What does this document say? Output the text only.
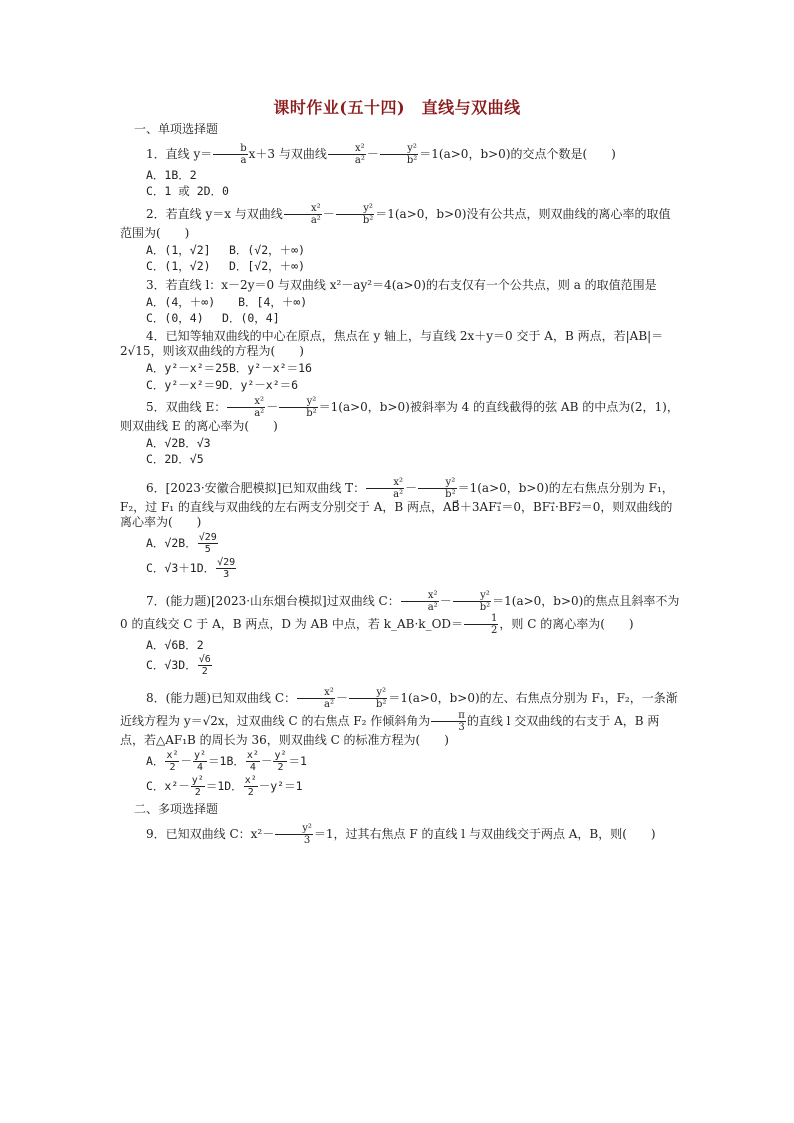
课时作业(五十四)　直线与双曲线
一、单项选择题

1．直线 $y= \frac{b}{a} x+3$ 与双曲线 $\frac{\text{x²}}{\text{a²}} - \frac{\text{y²}}{\text{b²}} =1(a>0$，b>0)的交点个数是(　　)

A．1B．2
C．1 或 2D．0

2．若直线 y＝x 与双曲线 $\frac{\text{x²}}{\text{a²}} - \frac{\text{y²}}{\text{b²}} =1(a>0$，b>0)没有公共点，则双曲线的离心率的取值范围为(　　)

A．(1，√2]　 B．(√2，＋∞)
C．(1，√2)　 D．[√2，＋∞)

3．若直线 l：x－2y＝0 与双曲线 x²－ay²＝4(a>0)的右支仅有一个公共点，则 a 的取值范围是

A．(4，＋∞)　　B．[4，＋∞)
C．(0，4)　 D．(0，4]

4．已知等轴双曲线的中心在原点，焦点在 y 轴上，与直线 2x＋y＝0 交于 A，B 两点，若|AB|＝2√15，则该双曲线的方程为(　　)

A．y²－x²＝25B．y²－x²＝16
C．y²－x²＝9D．y²－x²＝6

5．双曲线 E： $\frac{\text{x²}}{\text{a²}} - \frac{\text{y²}}{\text{b²}} =1(a>0$，b>0)被斜率为 4 的直线截得的弦 AB 的中点为(2，1)，则双曲线 E 的离心率为(　　)

A．√2B．√3
C．2D．√5

6．[2023·安徽合肥模拟]已知双曲线 T： $\frac{\text{x²}}{\text{a²}} - \frac{\text{y²}}{\text{b²}} =1(a>0$，b>0)的左右焦点分别为 F₁，F₂，过 F₁ 的直线与双曲线的左右两支分别交于 A，B 两点，AB⃗＋3AF₁⃗＝0，BF₁⃗·BF₂⃗＝0，则双曲线的离心率为(　　)

A．√2B． $\frac{√29}{5}$
C．√3＋1D． $\frac{√29}{3}$

7．(能力题)[2023·山东烟台模拟]过双曲线 C： $\frac{\text{x²}}{\text{a²}} - \frac{\text{y²}}{\text{b²}} =1(a>0$，b>0)的焦点且斜率不为 0 的直线交 C 于 A，B 两点，D 为 AB 中点，若 k_AB·k_OD＝ $\frac{1}{2}$ ，则 C 的离心率为(　　)

A．√6B．2
C．√3D． $\frac{√6}{2}$

8．(能力题)已知双曲线 C： $\frac{\text{x²}}{\text{a²}} - \frac{\text{y²}}{\text{b²}} =1(a>0$，b>0)的左、右焦点分别为 F₁，F₂，一条渐近线方程为 y＝√2x，过双曲线 C 的右焦点 F₂ 作倾斜角为 $\frac{\pi}{3}$ 的直线 l 交双曲线的右支于 A，B 两点，若△AF₁B 的周长为 36，则双曲线 C 的标准方程为(　　)

A． $\frac{\text{x²}}{2} - \frac{\text{y²}}{4} =1B$． $\frac{\text{x²}}{4} - \frac{\text{y²}}{2} =1$
C．$x^2- \frac{\text{y²}}{2} =1D$． $\frac{\text{x²}}{2} -y^2=1$
二、多项选择题

9．已知双曲线 C：$x^2- \frac{\text{y²}}{3} =1$，过其右焦点 F 的直线 l 与双曲线交于两点 A，B，则(　　)
